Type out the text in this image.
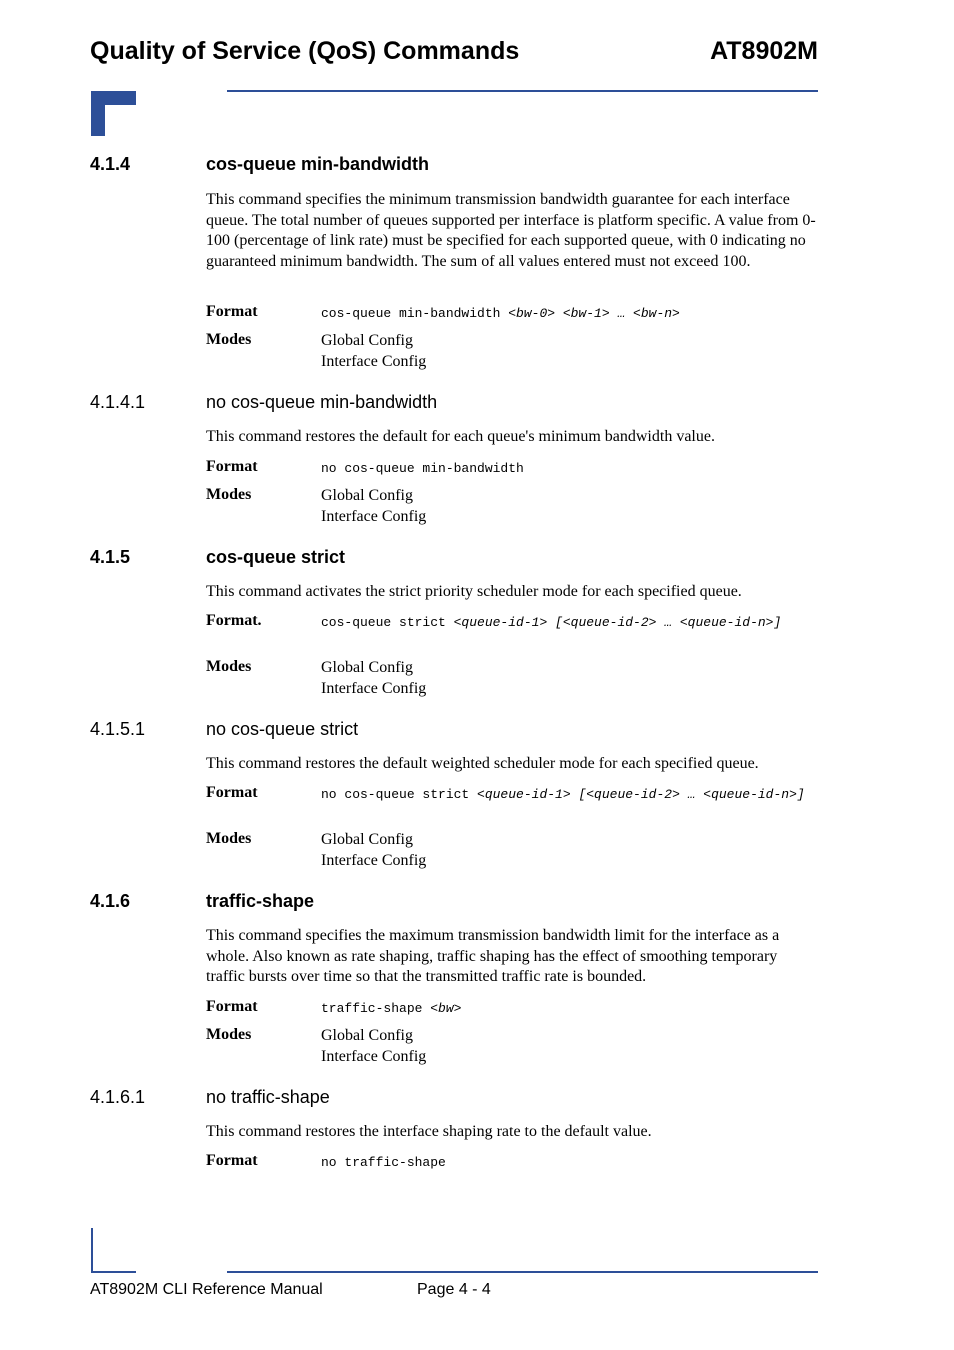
Quality of Service (QoS) Commands	AT8902M
4.1.4	cos-queue min-bandwidth

This command specifies the minimum transmission bandwidth guarantee for each interface queue. The total number of queues supported per interface is platform specific. A value from 0-100 (percentage of link rate) must be specified for each supported queue, with 0 indicating no guaranteed minimum bandwidth. The sum of all values entered must not exceed 100.

Format	cos-queue min-bandwidth <bw-0> <bw-1> … <bw-n>
Modes	Global Config
Interface Config
4.1.4.1	no cos-queue min-bandwidth

This command restores the default for each queue's minimum bandwidth value.

Format	no cos-queue min-bandwidth
Modes	Global Config
Interface Config
4.1.5	cos-queue strict

This command activates the strict priority scheduler mode for each specified queue.

Format.	cos-queue strict <queue-id-1> [<queue-id-2> … <queue-id-n>]
Modes	Global Config
Interface Config
4.1.5.1	no cos-queue strict

This command restores the default weighted scheduler mode for each specified queue.

Format	no cos-queue strict <queue-id-1> [<queue-id-2> … <queue-id-n>]
Modes	Global Config
Interface Config
4.1.6	traffic-shape

This command specifies the maximum transmission bandwidth limit for the interface as a whole. Also known as rate shaping, traffic shaping has the effect of smoothing temporary traffic bursts over time so that the transmitted traffic rate is bounded.

Format	traffic-shape <bw>
Modes	Global Config
Interface Config
4.1.6.1	no traffic-shape

This command restores the interface shaping rate to the default value.

Format	no traffic-shape
AT8902M CLI Reference Manual	Page 4 - 4
